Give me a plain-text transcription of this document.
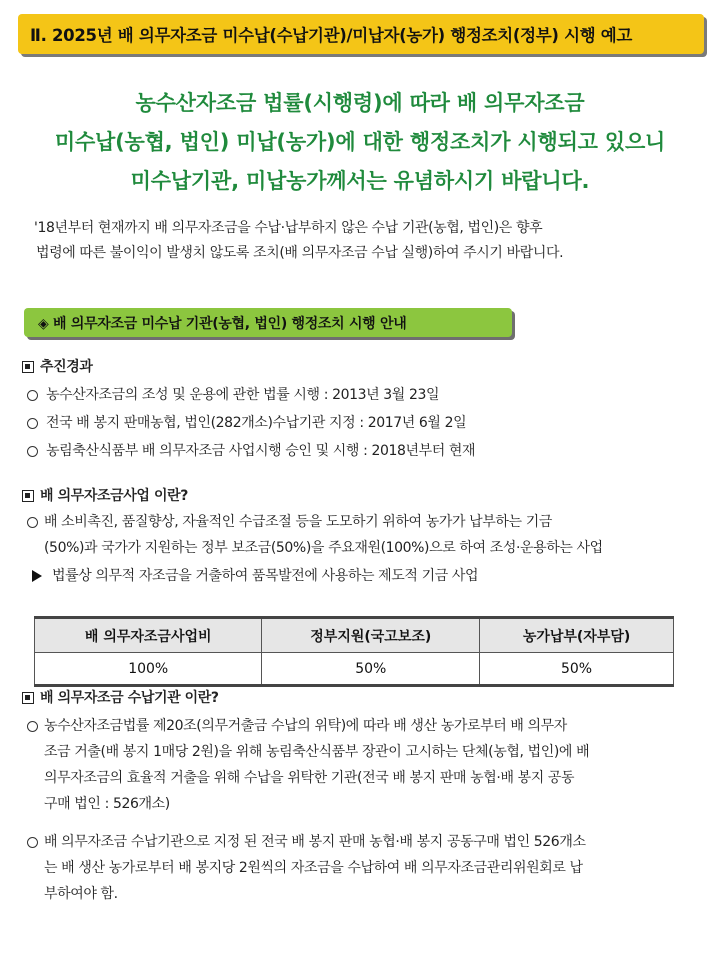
Ⅱ. 2025년 배 의무자조금 미수납(수납기관)/미납자(농가) 행정조치(정부) 시행 예고
농수산자조금 법률(시행령)에 따라 배 의무자조금
미수납(농협, 법인) 미납(농가)에 대한 행정조치가 시행되고 있으니
미수납기관, 미납농가께서는 유념하시기 바랍니다.
'18년부터 현재까지 배 의무자조금을 수납·납부하지 않은 수납 기관(농협, 법인)은 향후
법령에 따른 불이익이 발생치 않도록 조치(배 의무자조금 수납 실행)하여 주시기 바랍니다.
◈ 배 의무자조금 미수납 기관(농협, 법인) 행정조치 시행 안내
추진경과
농수산자조금의 조성 및 운용에 관한 법률 시행 : 2013년 3월 23일
전국 배 봉지 판매농협, 법인(282개소)수납기관 지정 : 2017년 6월 2일
농림축산식품부 배 의무자조금 사업시행 승인 및 시행 : 2018년부터 현재
배 의무자조금사업 이란?
배 소비촉진, 품질향상, 자율적인 수급조절 등을 도모하기 위하여 농가가 납부하는 기금
(50%)과 국가가 지원하는 정부 보조금(50%)을 주요재원(100%)으로 하여 조성·운용하는 사업
법률상 의무적 자조금을 거출하여 품목발전에 사용하는 제도적 기금 사업
배 의무자조금사업비	정부지원(국고보조)	농가납부(자부담)
100%	50%	50%
배 의무자조금 수납기관 이란?
농수산자조금법률 제20조(의무거출금 수납의 위탁)에 따라 배 생산 농가로부터 배 의무자
조금 거출(배 봉지 1매당 2원)을 위해 농림축산식품부 장관이 고시하는 단체(농협, 법인)에 배
의무자조금의 효율적 거출을 위해 수납을 위탁한 기관(전국 배 봉지 판매 농협·배 봉지 공동
구매 법인 : 526개소)
배 의무자조금 수납기관으로 지정 된 전국 배 봉지 판매 농협·배 봉지 공동구매 법인 526개소
는 배 생산 농가로부터 배 봉지당 2원씩의 자조금을 수납하여 배 의무자조금관리위원회로 납
부하여야 함.
